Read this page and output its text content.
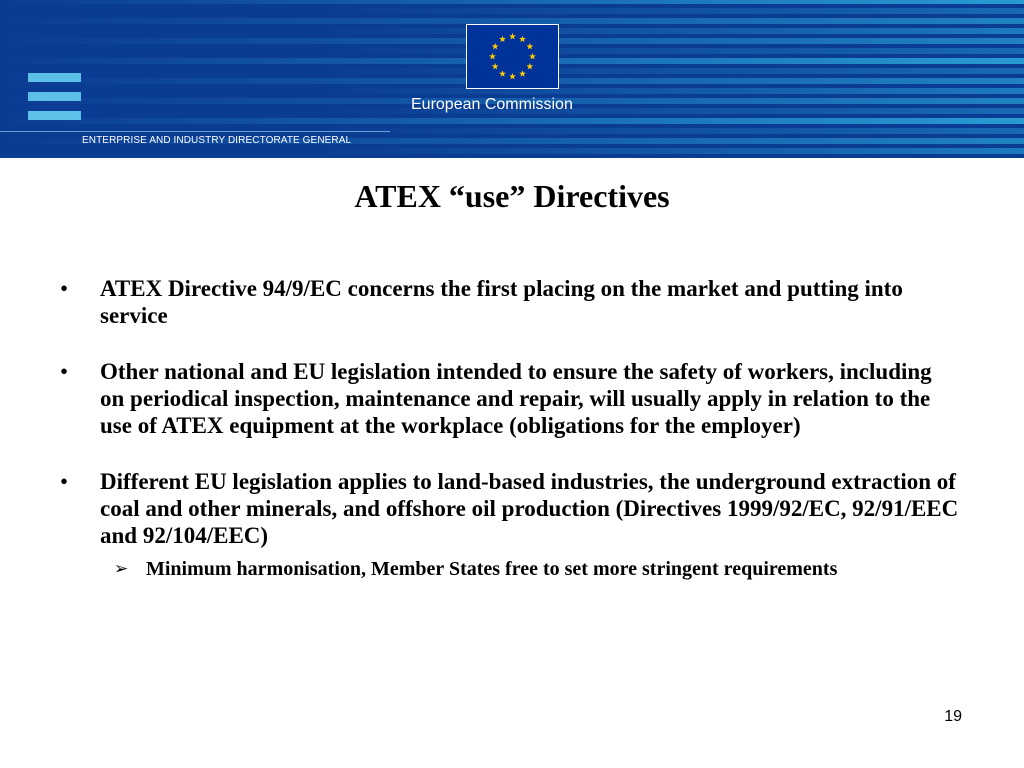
European Commission
ENTERPRISE AND INDUSTRY DIRECTORATE GENERAL
ATEX “use” Directives
• ATEX Directive 94/9/EC concerns the first placing on the market and putting into service
• Other national and EU legislation intended to ensure the safety of workers, including on periodical inspection, maintenance and repair, will usually apply in relation to the use of ATEX equipment at the workplace (obligations for the employer)
• Different EU legislation applies to land-based industries, the underground extraction of coal and other minerals, and offshore oil production (Directives 1999/92/EC, 92/91/EEC and 92/104/EEC)
➢ Minimum harmonisation, Member States free to set more stringent requirements
19
